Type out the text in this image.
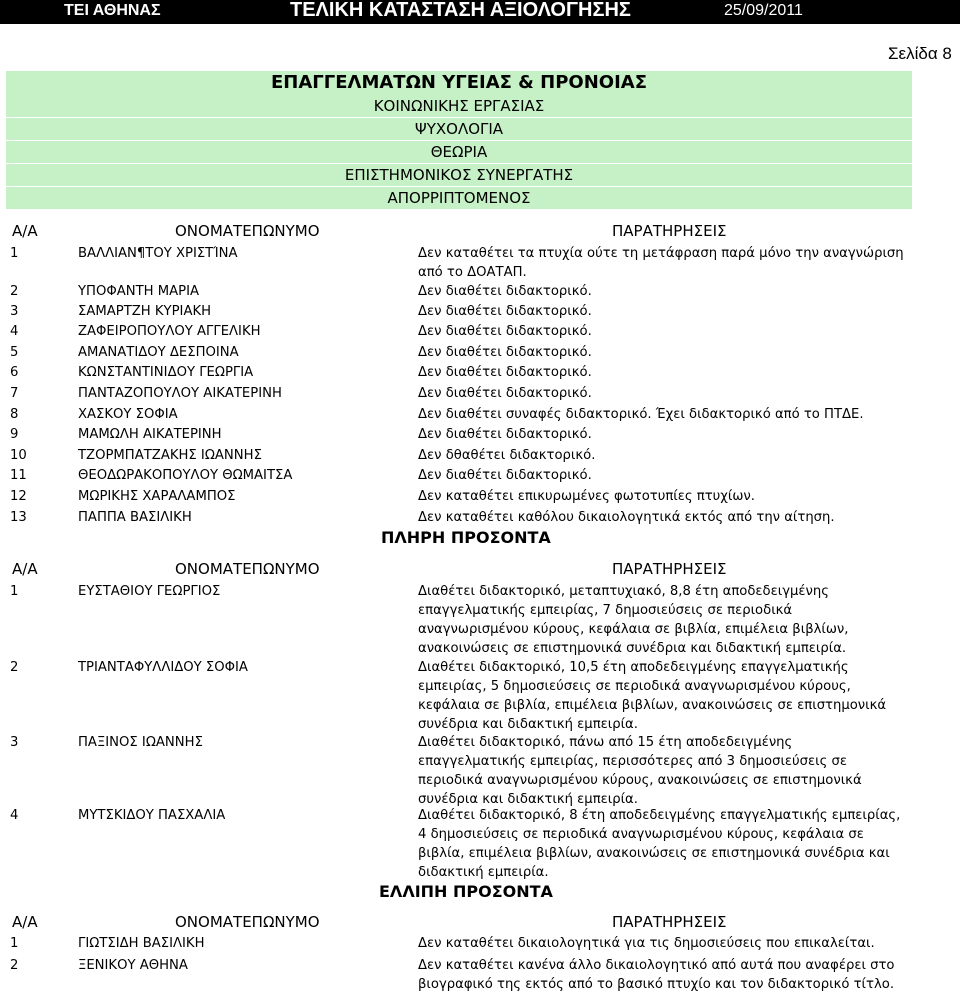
ΤΕΙ ΑΘΗΝΑΣ	ΤΕΛΙΚΗ ΚΑΤΑΣΤΑΣΗ ΑΞΙΟΛΟΓΗΣΗΣ	25/09/2011
Σελίδα 8
ΕΠΑΓΓΕΛΜΑΤΩΝ ΥΓΕΙΑΣ & ΠΡΟΝΟΙΑΣ
ΚΟΙΝΩΝΙΚΗΣ ΕΡΓΑΣΙΑΣ
ΨΥΧΟΛΟΓΙΑ
ΘΕΩΡΙΑ
ΕΠΙΣΤΗΜΟΝΙΚΟΣ ΣΥΝΕΡΓΑΤΗΣ
ΑΠΟΡΡΙΠΤΟΜΕΝΟΣ
Α/Α	ΟΝΟΜΑΤΕΠΩΝΥΜΟ	ΠΑΡΑΤΗΡΗΣΕΙΣ
1	ΒΑΛΛΙΑΝ¶ΤΟΥ ΧΡΙΣΤΊΝΑ	Δεν καταθέτει τα πτυχία ούτε τη μετάφραση παρά μόνο την αναγνώριση από το ΔΟΑΤΑΠ.
2	ΥΠΟΦΑΝΤΗ ΜΑΡΙΑ	Δεν διαθέτει διδακτορικό.
3	ΣΑΜΑΡΤΖΗ ΚΥΡΙΑΚΗ	Δεν διαθέτει διδακτορικό.
4	ΖΑΦΕΙΡΟΠΟΥΛΟΥ ΑΓΓΕΛΙΚΗ	Δεν διαθέτει διδακτορικό.
5	ΑΜΑΝΑΤΙΔΟΥ ΔΕΣΠΟΙΝΑ	Δεν διαθέτει διδακτορικό.
6	ΚΩΝΣΤΑΝΤΙΝΙΔΟΥ ΓΕΩΡΓΙΑ	Δεν διαθέτει διδακτορικό.
7	ΠΑΝΤΑΖΟΠΟΥΛΟΥ ΑΙΚΑΤΕΡΙΝΗ	Δεν διαθέτει διδακτορικό.
8	ΧΑΣΚΟΥ ΣΟΦΙΑ	Δεν διαθέτει συναφές διδακτορικό. Έχει διδακτορικό από το ΠΤΔΕ.
9	ΜΑΜΩΛΗ ΑΙΚΑΤΕΡΙΝΗ	Δεν διαθέτει διδακτορικό.
10	ΤΖΟΡΜΠΑΤΖΑΚΗΣ ΙΩΑΝΝΗΣ	Δεν δθαθέτει διδακτορικό.
11	ΘΕΟΔΩΡΑΚΟΠΟΥΛΟΥ ΘΩΜΑΙΤΣΑ	Δεν διαθέτει διδακτορικό.
12	ΜΩΡΙΚΗΣ ΧΑΡΑΛΑΜΠΟΣ	Δεν καταθέτει επικυρωμένες φωτοτυπίες πτυχίων.
13	ΠΑΠΠΑ ΒΑΣΙΛΙΚΗ	Δεν καταθέτει καθόλου δικαιολογητικά εκτός από την αίτηση.
ΠΛΗΡΗ ΠΡΟΣΟΝΤΑ
Α/Α	ΟΝΟΜΑΤΕΠΩΝΥΜΟ	ΠΑΡΑΤΗΡΗΣΕΙΣ
1	ΕΥΣΤΑΘΙΟΥ ΓΕΩΡΓΙΟΣ	Διαθέτει διδακτορικό, μεταπτυχιακό, 8,8 έτη αποδεδειγμένης επαγγελματικής εμπειρίας, 7 δημοσιεύσεις σε περιοδικά αναγνωρισμένου κύρους, κεφάλαια σε βιβλία, επιμέλεια βιβλίων, ανακοινώσεις σε επιστημονικά συνέδρια και διδακτική εμπειρία.
2	ΤΡΙΑΝΤΑΦΥΛΛΙΔΟΥ ΣΟΦΙΑ	Διαθέτει διδακτορικό, 10,5 έτη αποδεδειγμένης επαγγελματικής εμπειρίας, 5 δημοσιεύσεις σε περιοδικά αναγνωρισμένου κύρους, κεφάλαια σε βιβλία, επιμέλεια βιβλίων, ανακοινώσεις σε επιστημονικά συνέδρια και διδακτική εμπειρία.
3	ΠΑΞΙΝΟΣ ΙΩΑΝΝΗΣ	Διαθέτει διδακτορικό, πάνω από 15 έτη αποδεδειγμένης επαγγελματικής εμπειρίας, περισσότερες από 3 δημοσιεύσεις σε περιοδικά αναγνωρισμένου κύρους, ανακοινώσεις σε επιστημονικά συνέδρια και διδακτική εμπειρία.
4	ΜΥΤΣΚΙΔΟΥ ΠΑΣΧΑΛΙΑ	Διαθέτει διδακτορικό, 8 έτη αποδεδειγμένης επαγγελματικής εμπειρίας, 4 δημοσιεύσεις σε περιοδικά αναγνωρισμένου κύρους, κεφάλαια σε βιβλία, επιμέλεια βιβλίων, ανακοινώσεις σε επιστημονικά συνέδρια και διδακτική εμπειρία.
ΕΛΛΙΠΗ ΠΡΟΣΟΝΤΑ
Α/Α	ΟΝΟΜΑΤΕΠΩΝΥΜΟ	ΠΑΡΑΤΗΡΗΣΕΙΣ
1	ΓΙΩΤΣΙΔΗ ΒΑΣΙΛΙΚΗ	Δεν καταθέτει δικαιολογητικά για τις δημοσιεύσεις που επικαλείται.
2	ΞΕΝΙΚΟΥ ΑΘΗΝΑ	Δεν καταθέτει κανένα άλλο δικαιολογητικό από αυτά που αναφέρει στο βιογραφικό της εκτός από το βασικό πτυχίο και τον διδακτορικό τίτλο.
